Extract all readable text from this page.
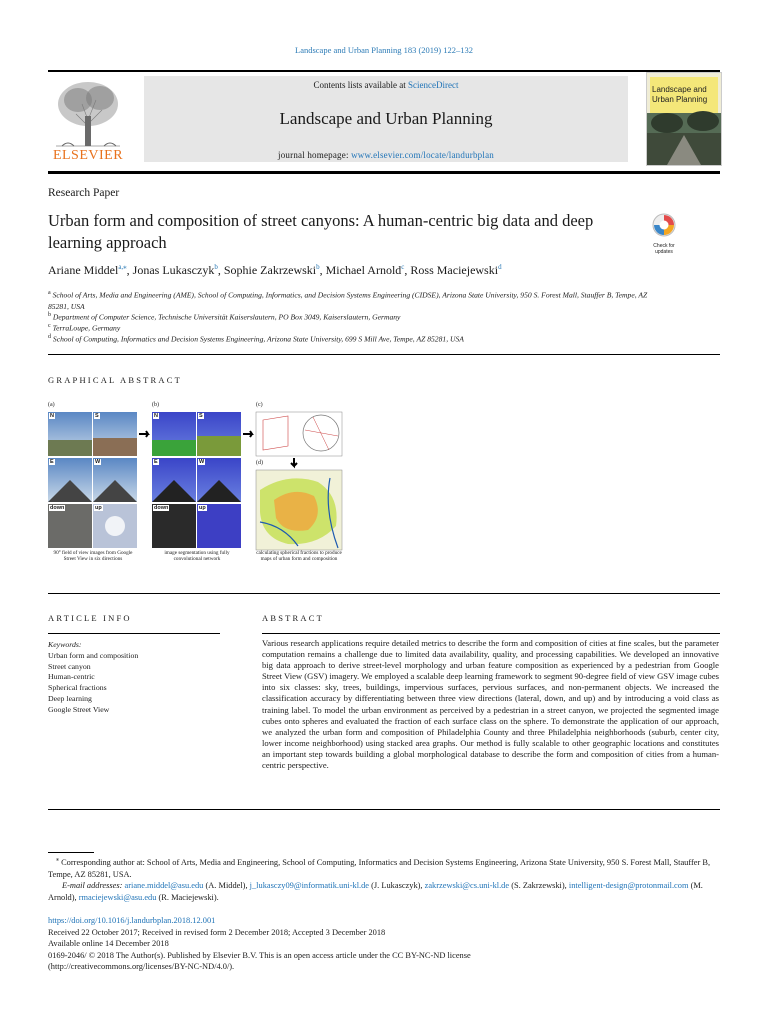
Landscape and Urban Planning 183 (2019) 122–132
ELSEVIER
Contents lists available at ScienceDirect
Landscape and Urban Planning
journal homepage: www.elsevier.com/locate/landurbplan
Landscape and Urban Planning
Research Paper
Urban form and composition of street canyons: A human-centric big data and deep learning approach	Check for updates
Ariane Middel$^{a,⁎}$, Jonas Lukasczyk$^b$, Sophie Zakrzewski$^b$, Michael Arnold$^c$, Ross Maciejewski$^d$
$^a$ School of Arts, Media and Engineering (AME), School of Computing, Informatics, and Decision Systems Engineering (CIDSE), Arizona State University, 950 S. Forest Mall, Stauffer B, Tempe, AZ 85281, USA
$^b$ Department of Computer Science, Technische Universität Kaiserslautern, PO Box 3049, Kaiserslautern, Germany
$^c$ TerraLoupe, Germany
$^d$ School of Computing, Informatics and Decision Systems Engineering, Arizona State University, 699 S Mill Ave, Tempe, AZ 85281, USA
GRAPHICAL ABSTRACT
(a)	(b)	(c)
(d)
N	S
E	W
down	up
N	S
E	W
down	up
90° field of view images from Google Street View in six directions
image segmentation using fully convolutional network
calculating spherical fractions to produce maps of urban form and composition
ARTICLE INFO
Keywords:
Urban form and composition
Street canyon
Human-centric
Spherical fractions
Deep learning
Google Street View
ABSTRACT
Various research applications require detailed metrics to describe the form and composition of cities at fine scales, but the parameter computation remains a challenge due to limited data availability, quality, and processing capabilities. We developed an innovative big data approach to derive street-level morphology and urban feature composition as experienced by a pedestrian from Google Street View (GSV) imagery. We employed a scalable deep learning framework to segment 90-degree field of view GSV image cubes into six classes: sky, trees, buildings, impervious surfaces, pervious surfaces, and non-permanent objects. We increased the classification accuracy by differentiating between three view directions (lateral, down, and up) and by introducing a void class as training label. To model the urban environment as perceived by a pedestrian in a street canyon, we projected the segmented image cubes onto spheres and evaluated the fraction of each surface class on the sphere. To demonstrate the application of our approach, we analyzed the urban form and composition of Philadelphia County and three Philadelphia neighborhoods (suburb, center city, lower income neighborhood) using stacked area graphs. Our method is fully scalable to other geographic locations and constitutes an important step towards building a global morphological database to describe the form and composition of cities from a human-centric perspective.
⁎ Corresponding author at: School of Arts, Media and Engineering, School of Computing, Informatics and Decision Systems Engineering, Arizona State University, 950 S. Forest Mall, Stauffer B, Tempe, AZ 85281, USA.
E-mail addresses: ariane.middel@asu.edu (A. Middel), j_lukasczy09@informatik.uni-kl.de (J. Lukasczyk), zakrzewski@cs.uni-kl.de (S. Zakrzewski), intelligent-design@protonmail.com (M. Arnold), rmaciejewski@asu.edu (R. Maciejewski).
https://doi.org/10.1016/j.landurbplan.2018.12.001
Received 22 October 2017; Received in revised form 2 December 2018; Accepted 3 December 2018
Available online 14 December 2018
0169-2046/ © 2018 The Author(s). Published by Elsevier B.V. This is an open access article under the CC BY-NC-ND license
(http://creativecommons.org/licenses/BY-NC-ND/4.0/).
